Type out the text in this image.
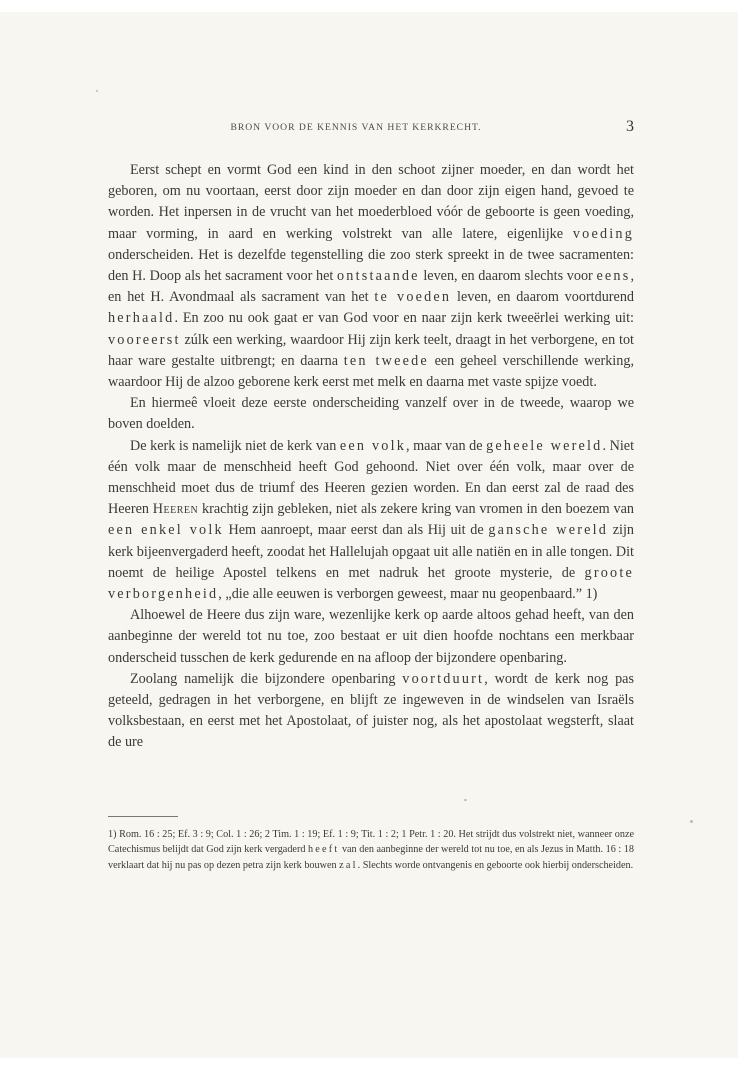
BRON VOOR DE KENNIS VAN HET KERKRECHT.	3

Eerst schept en vormt God een kind in den schoot zijner moeder, en dan wordt het geboren, om nu voortaan, eerst door zijn moeder en dan door zijn eigen hand, gevoed te worden. Het inpersen in de vrucht van het moederbloed vóór de geboorte is geen voeding, maar vorming, in aard en werking volstrekt van alle latere, eigenlijke voeding onderscheiden. Het is dezelfde tegenstelling die zoo sterk spreekt in de twee sacramenten: den H. Doop als het sacrament voor het ontstaande leven, en daarom slechts voor eens, en het H. Avondmaal als sacrament van het te voeden leven, en daarom voortdurend herhaald. En zoo nu ook gaat er van God voor en naar zijn kerk tweeërlei werking uit: vooreerst zúlk een werking, waardoor Hij zijn kerk teelt, draagt in het verborgene, en tot haar ware gestalte uitbrengt; en daarna ten tweede een geheel verschillende werking, waardoor Hij de alzoo geborene kerk eerst met melk en daarna met vaste spijze voedt.

En hiermeê vloeit deze eerste onderscheiding vanzelf over in de tweede, waarop we boven doelden.

De kerk is namelijk niet de kerk van een volk, maar van de geheele wereld. Niet één volk maar de menschheid heeft God gehoond. Niet over één volk, maar over de menschheid moet dus de triumf des Heeren gezien worden. En dan eerst zal de raad des Heeren Heeren krachtig zijn gebleken, niet als zekere kring van vromen in den boezem van een enkel volk Hem aanroept, maar eerst dan als Hij uit de gansche wereld zijn kerk bijeenvergaderd heeft, zoodat het Hallelujah opgaat uit alle natiën en in alle tongen. Dit noemt de heilige Apostel telkens en met nadruk het groote mysterie, de groote verborgenheid, „die alle eeuwen is verborgen geweest, maar nu geopenbaard.” 1)

Alhoewel de Heere dus zijn ware, wezenlijke kerk op aarde altoos gehad heeft, van den aanbeginne der wereld tot nu toe, zoo bestaat er uit dien hoofde nochtans een merkbaar onderscheid tusschen de kerk gedurende en na afloop der bijzondere openbaring.

Zoolang namelijk die bijzondere openbaring voortduurt, wordt de kerk nog pas geteeld, gedragen in het verborgene, en blijft ze ingeweven in de windselen van Israëls volksbestaan, en eerst met het Apostolaat, of juister nog, als het apostolaat wegsterft, slaat de ure

1) Rom. 16 : 25; Ef. 3 : 9; Col. 1 : 26; 2 Tim. 1 : 19; Ef. 1 : 9; Tit. 1 : 2; 1 Petr. 1 : 20. Het strijdt dus volstrekt niet, wanneer onze Catechismus belijdt dat God zijn kerk vergaderd heeft van den aanbeginne der wereld tot nu toe, en als Jezus in Matth. 16 : 18 verklaart dat hij nu pas op dezen petra zijn kerk bouwen zal. Slechts worde ontvangenis en geboorte ook hierbij onderscheiden.
